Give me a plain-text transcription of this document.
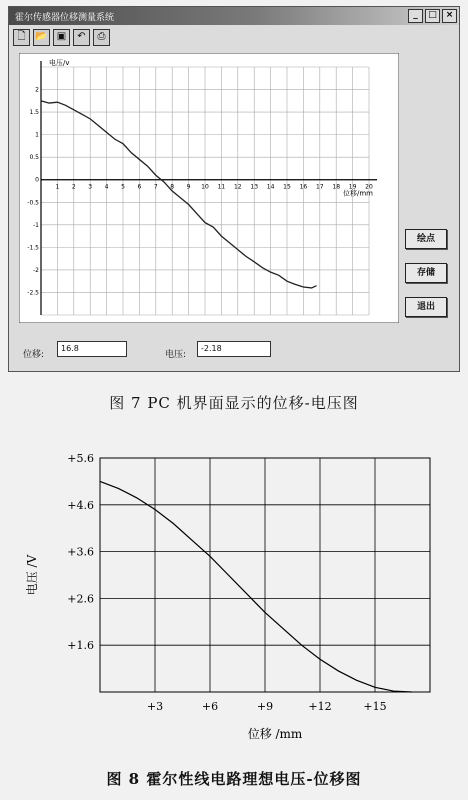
霍尔传感器位移测量系统	_	□ ×
🗋 📂 ▣	↶	⎙
1 2 3 4 5 6 7 8 9 10 11 12 13 14 15 16 17 18 19 20
2
1.5
1
0.5
0
-0.5
-1
-1.5
-2
-2.5
电压/v
位移/mm
绘点
存储
退出
位移:
16.8
电压:
-2.18
图 7 PC 机界面显示的位移-电压图
+3	+6	+9	+12	+15
+5.6
+4.6
+3.6
+2.6
+1.6
电压 /V
位移 /mm
图 8 霍尔性线电路理想电压-位移图
